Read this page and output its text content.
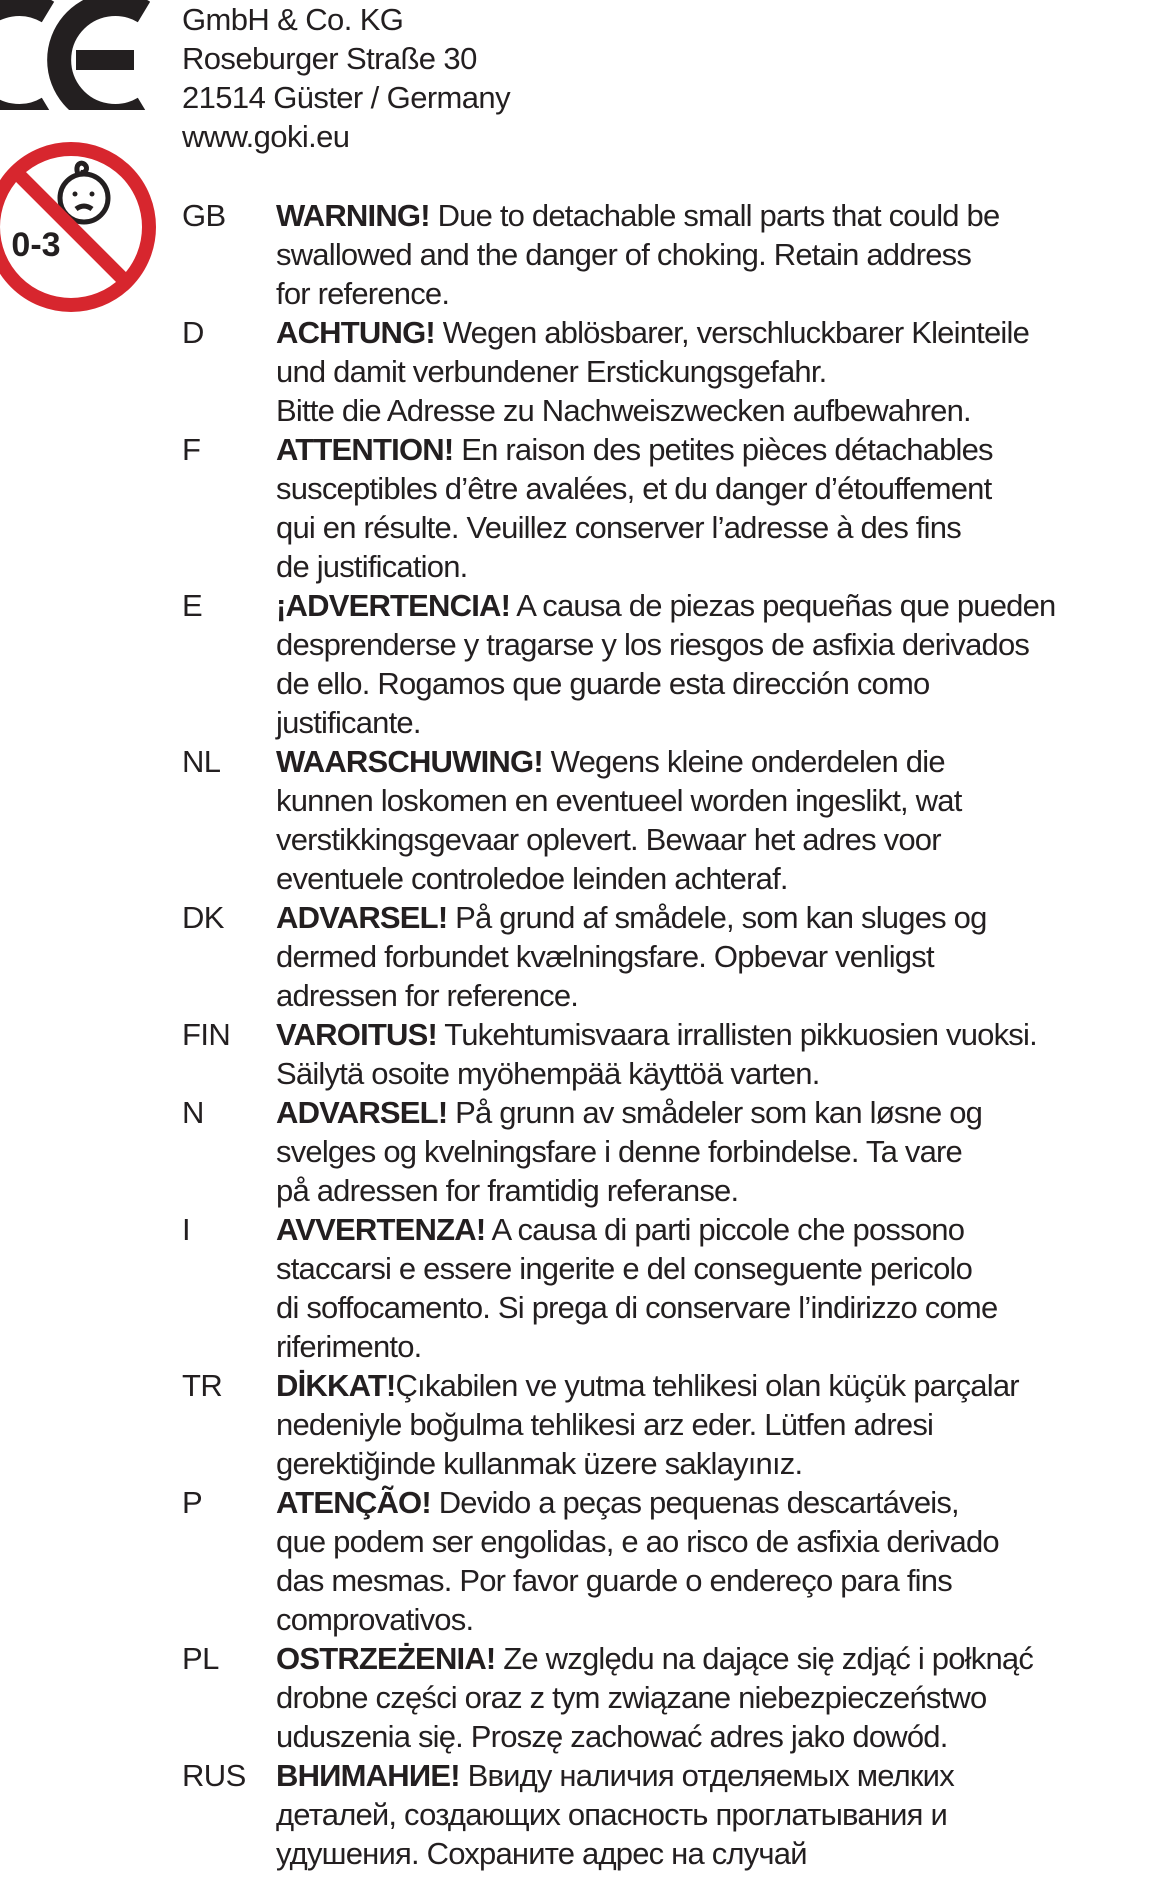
0-3
GmbH & Co. KG
Roseburger Straße 30
21514 Güster / Germany
www.goki.eu
GB	WARNING! Due to detachable small parts that could be
swallowed and the danger of choking. Retain address
for reference.
D	ACHTUNG! Wegen ablösbarer, verschluckbarer Kleinteile
und damit verbundener Erstickungsgefahr.
Bitte die Adresse zu Nachweiszwecken aufbewahren.
F	ATTENTION! En raison des petites pièces détachables
susceptibles d’être avalées, et du danger d’étouffement
qui en résulte. Veuillez conserver l’adresse à des fins
de justification.
E	¡ADVERTENCIA! A causa de piezas pequeñas que pueden
desprenderse y tragarse y los riesgos de asfixia derivados
de ello. Rogamos que guarde esta dirección como
justificante.
NL	WAARSCHUWING! Wegens kleine onderdelen die
kunnen loskomen en eventueel worden ingeslikt, wat
verstikkingsgevaar oplevert. Bewaar het adres voor
eventuele controledoe leinden achteraf.
DK	ADVARSEL! På grund af smådele, som kan sluges og
dermed forbundet kvælningsfare. Opbevar venligst
adressen for reference.
FIN	VAROITUS! Tukehtumisvaara irrallisten pikkuosien vuoksi.
Säilytä osoite myöhempää käyttöä varten.
N	ADVARSEL! På grunn av smådeler som kan løsne og
svelges og kvelningsfare i denne forbindelse. Ta vare
på adressen for framtidig referanse.
I	AVVERTENZA! A causa di parti piccole che possono
staccarsi e essere ingerite e del conseguente pericolo
di soffocamento. Si prega di conservare l’indirizzo come
riferimento.
TR	DİKKAT!Çıkabilen ve yutma tehlikesi olan küçük parçalar
nedeniyle boğulma tehlikesi arz eder. Lütfen adresi
gerektiğinde kullanmak üzere saklayınız.
P	ATENÇÃO! Devido a peças pequenas descartáveis,
que podem ser engolidas, e ao risco de asfixia derivado
das mesmas. Por favor guarde o endereço para fins
comprovativos.
PL	OSTRZEŻENIA! Ze względu na dające się zdjąć i połknąć
drobne części oraz z tym związane niebezpieczeństwo
uduszenia się. Proszę zachować adres jako dowód.
RUS ВНИМАНИЕ! Ввиду наличия отделяемых мелких
деталей, создающих опасность проглатывания и
удушения. Сохраните адрес на случай
